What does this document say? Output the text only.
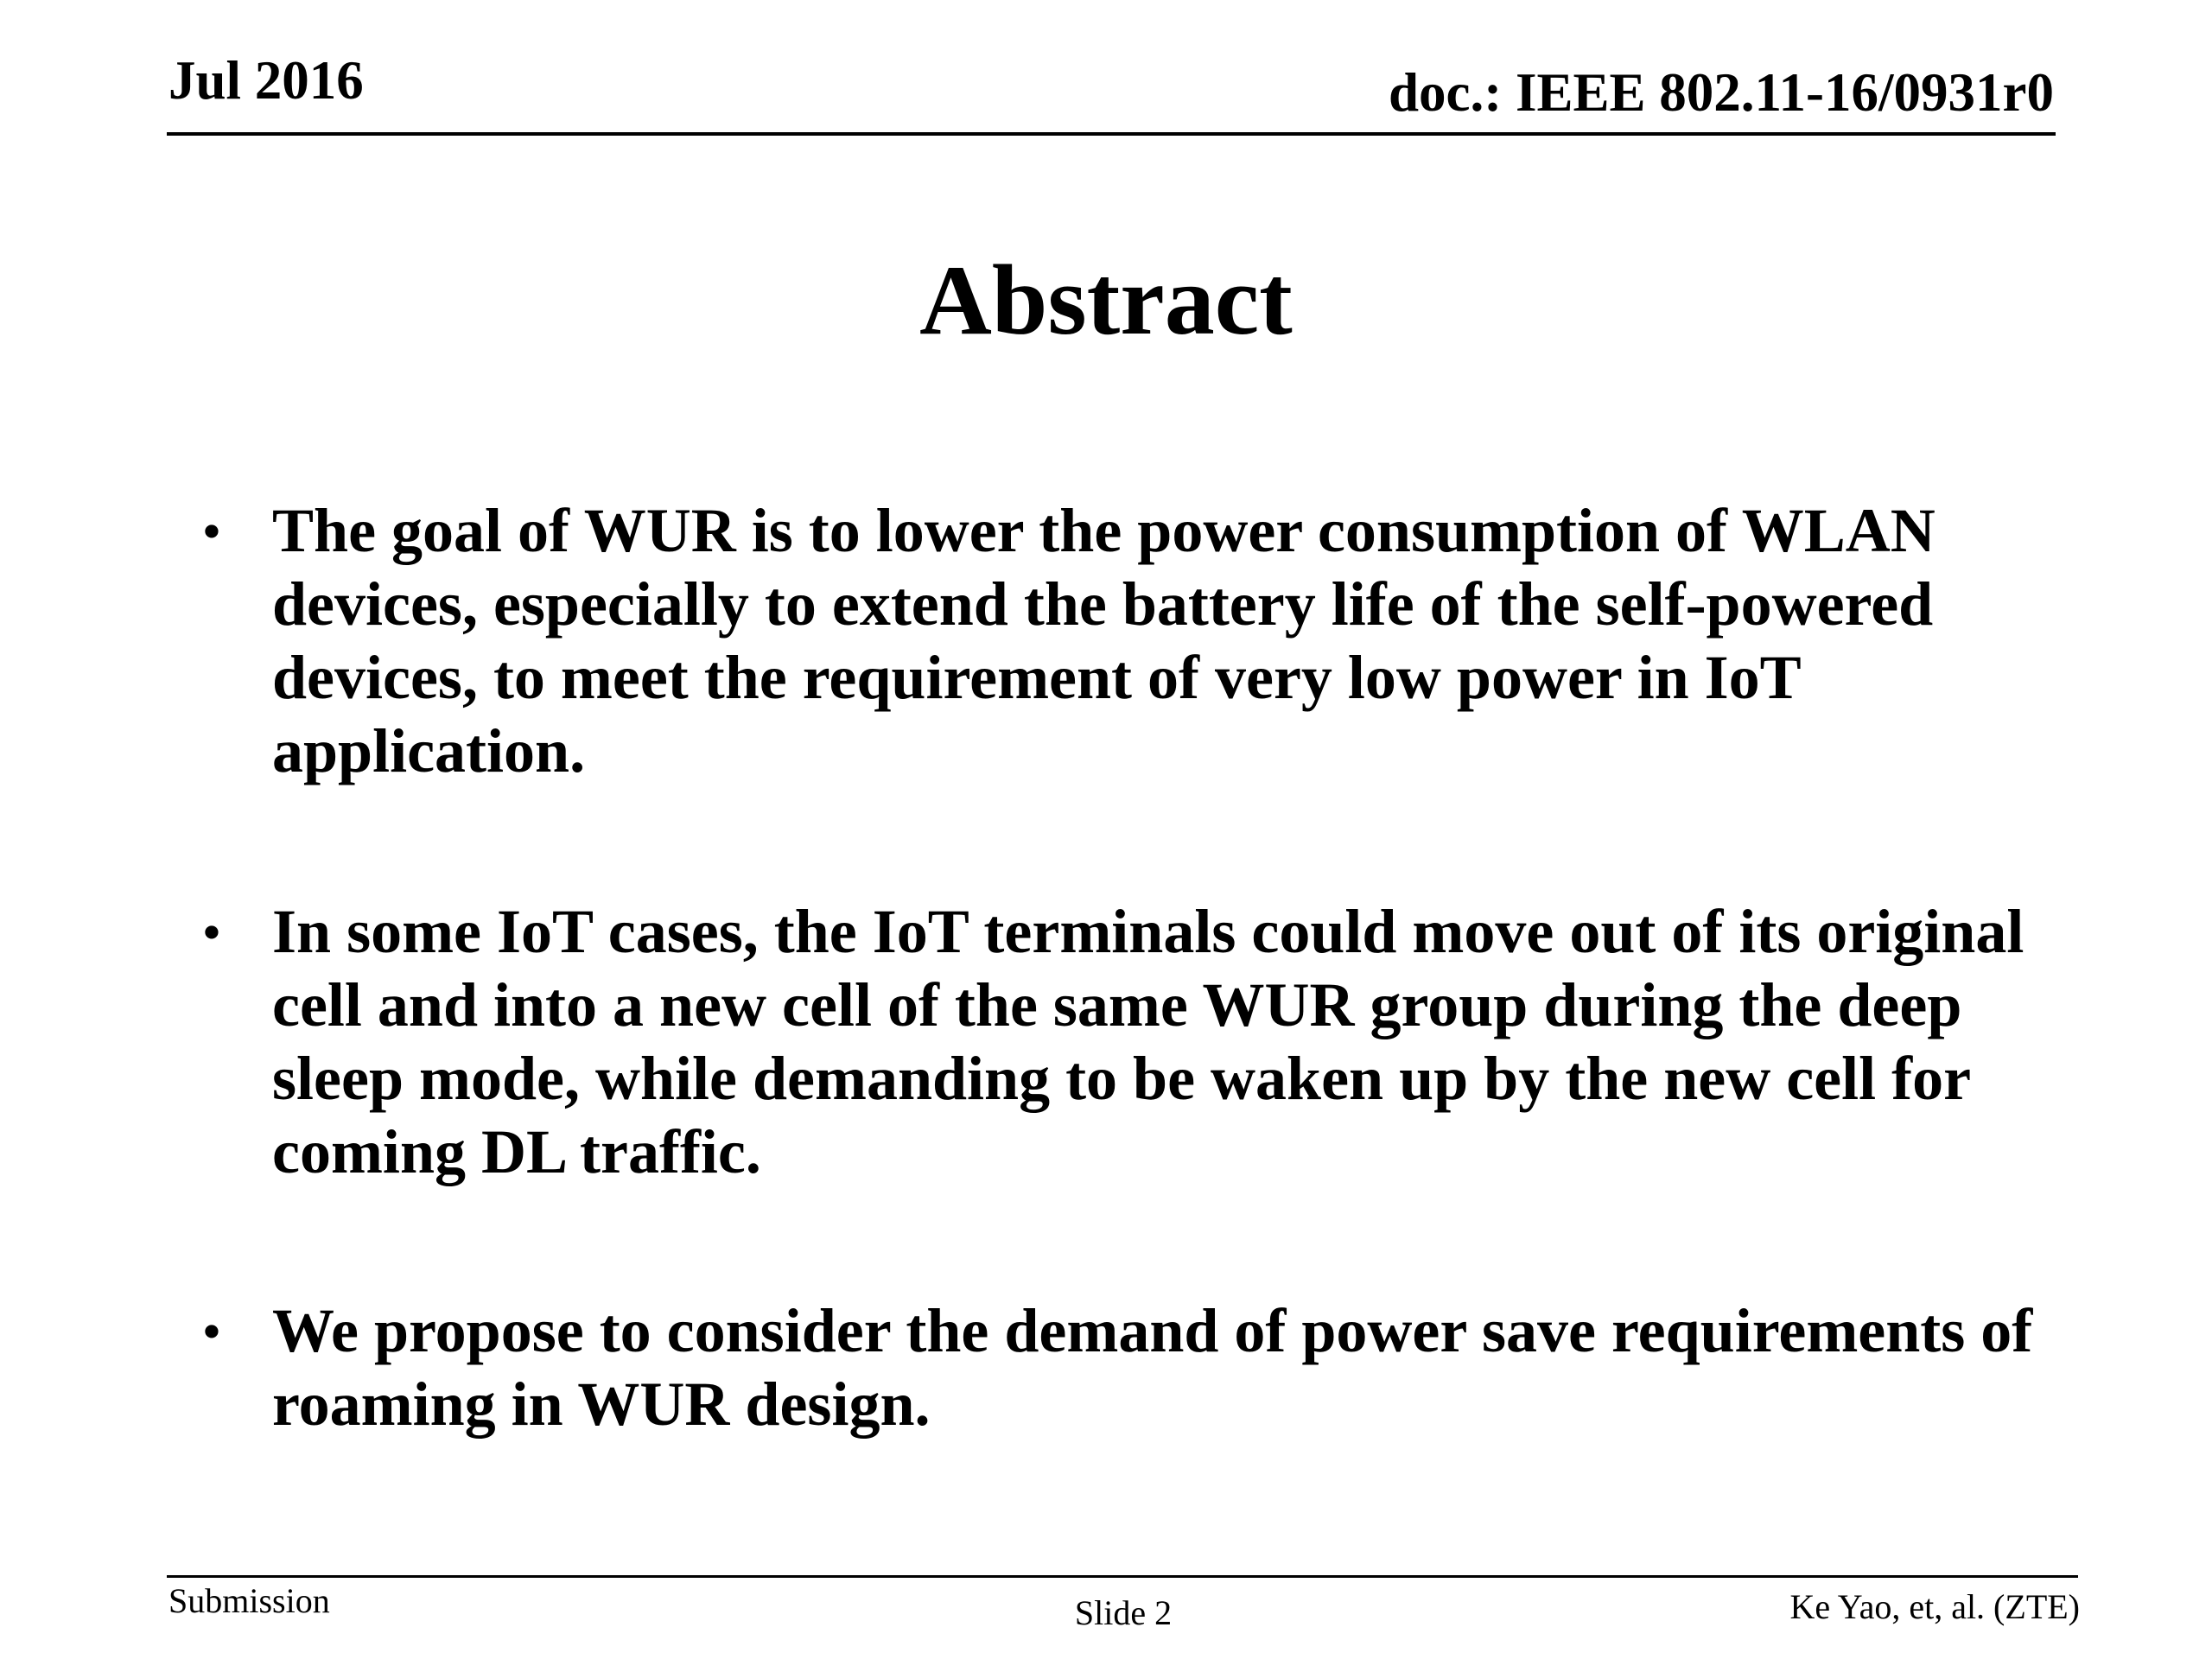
Jul 2016	doc.: IEEE 802.11-16/0931r0
Abstract
• The goal of WUR is to lower the power consumption of WLAN devices, especially to extend the battery life of the self-powered devices, to meet the requirement of very low power in IoT application.
• In some IoT cases, the IoT terminals could move out of its original cell and into a new cell of the same WUR group during the deep sleep mode, while demanding to be waken up by the new cell for coming DL traffic.
• We propose to consider the demand of power save requirements of roaming in WUR design.
Submission	Slide 2	Ke Yao, et, al. (ZTE)
